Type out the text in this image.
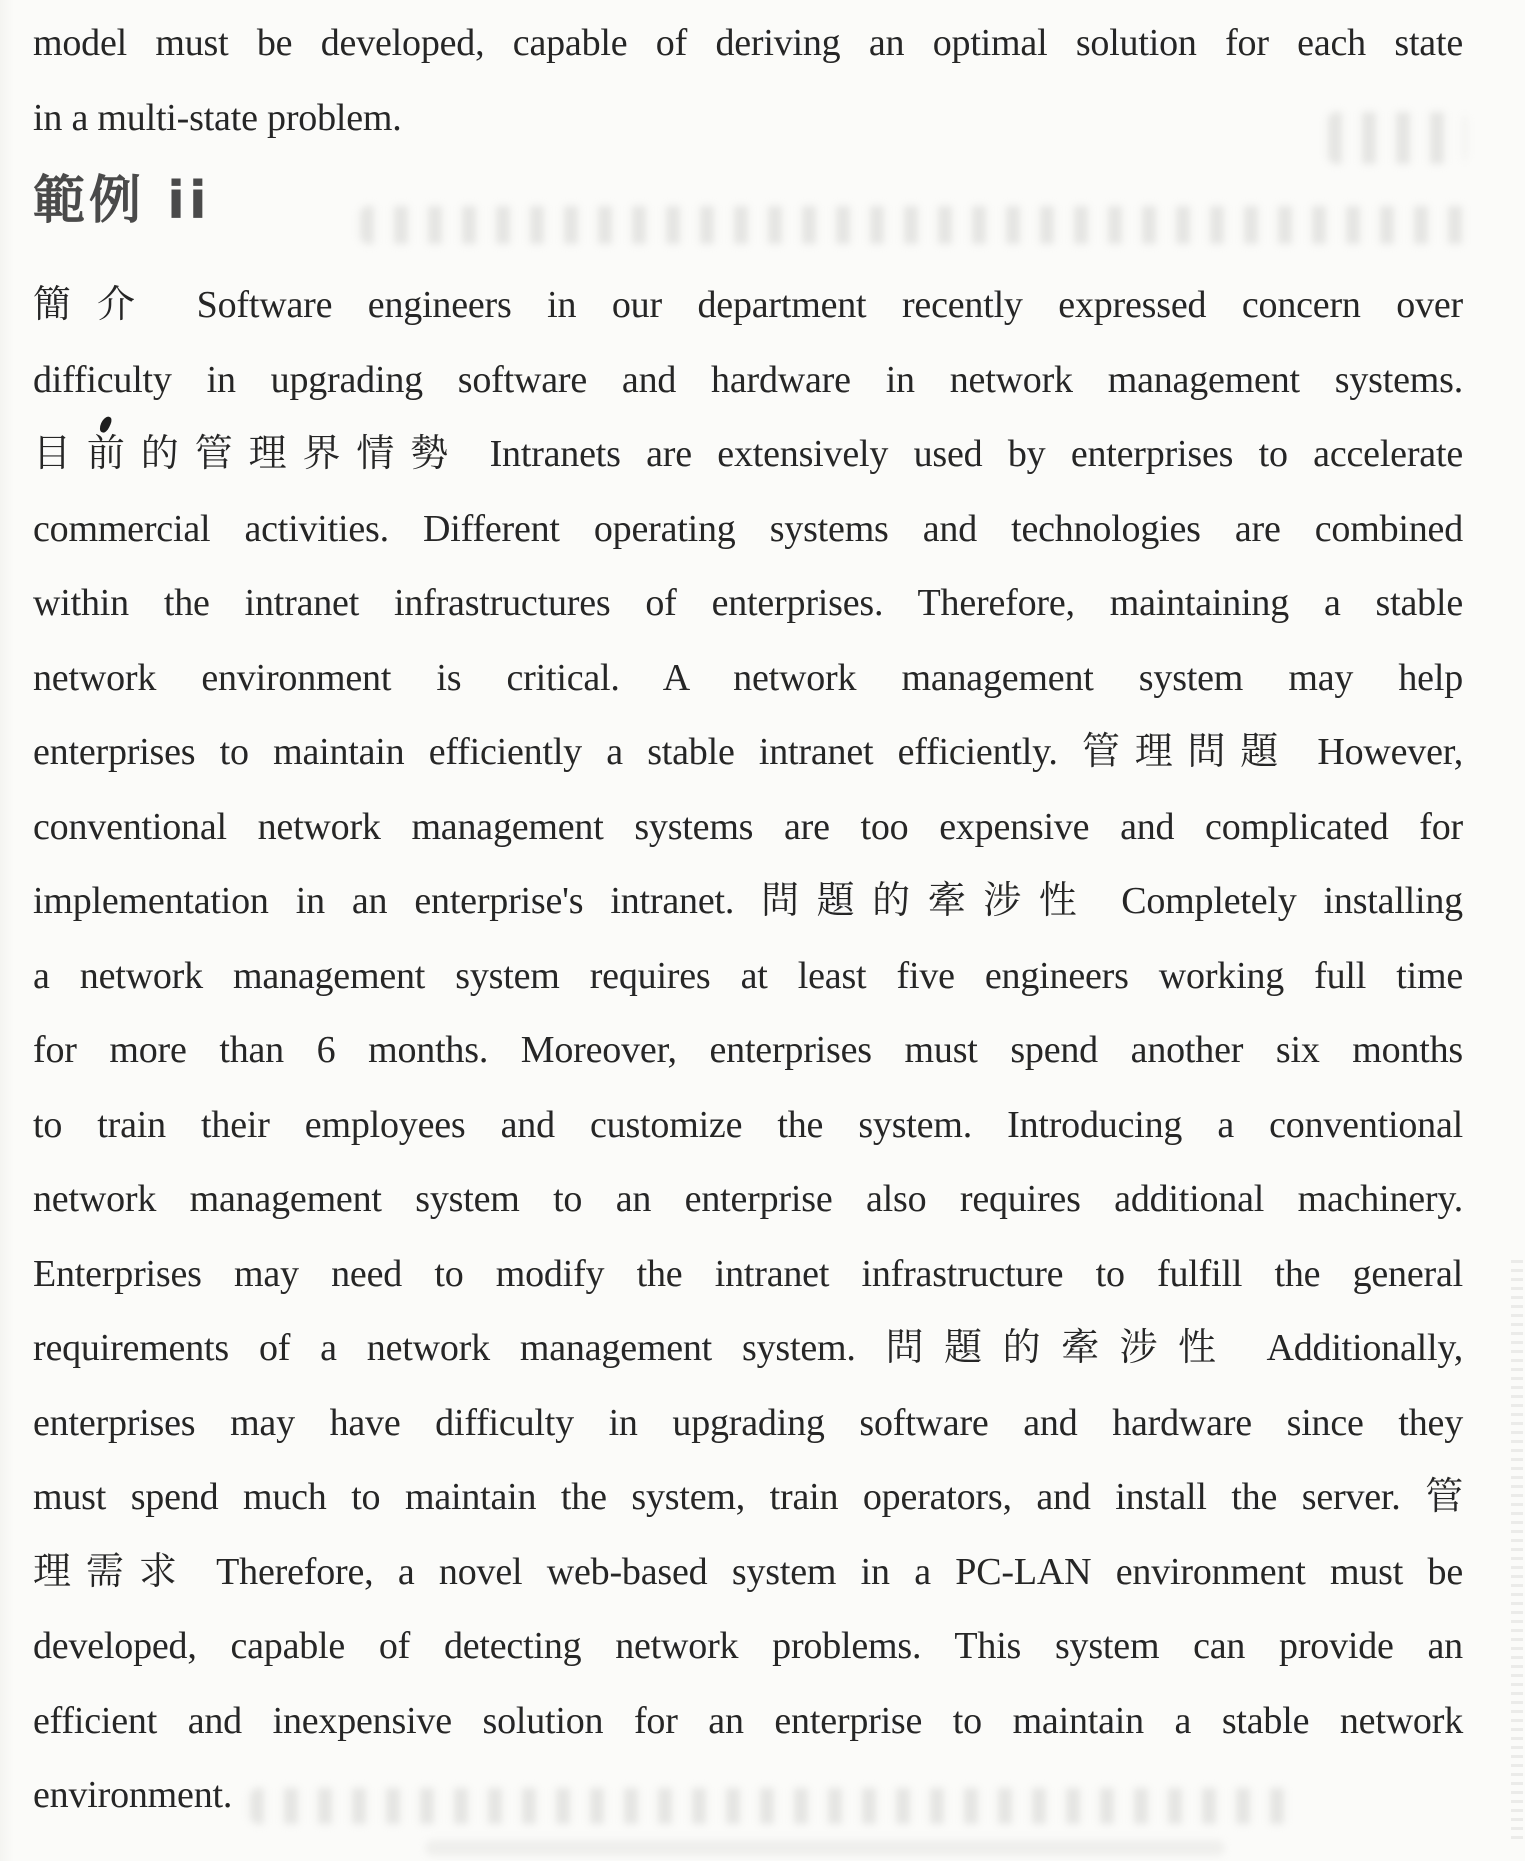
model must be developed, capable of deriving an optimal solution for each state
in a multi-state problem.
範例 ii
簡介 Software engineers in our department recently expressed concern over
difficulty in upgrading software and hardware in network management systems.
目前的管理界情勢 Intranets are extensively used by enterprises to accelerate
commercial activities. Different operating systems and technologies are combined
within the intranet infrastructures of enterprises. Therefore, maintaining a stable
network environment is critical. A network management system may help
enterprises to maintain efficiently a stable intranet efficiently. 管理問題 However,
conventional network management systems are too expensive and complicated for
implementation in an enterprise's intranet. 問題的牽涉性 Completely installing
a network management system requires at least five engineers working full time
for more than 6 months. Moreover, enterprises must spend another six months
to train their employees and customize the system. Introducing a conventional
network management system to an enterprise also requires additional machinery.
Enterprises may need to modify the intranet infrastructure to fulfill the general
requirements of a network management system. 問題的牽涉性 Additionally,
enterprises may have difficulty in upgrading software and hardware since they
must spend much to maintain the system, train operators, and install the server. 管
理需求 Therefore, a novel web-based system in a PC-LAN environment must be
developed, capable of detecting network problems. This system can provide an
efficient and inexpensive solution for an enterprise to maintain a stable network
environment.
